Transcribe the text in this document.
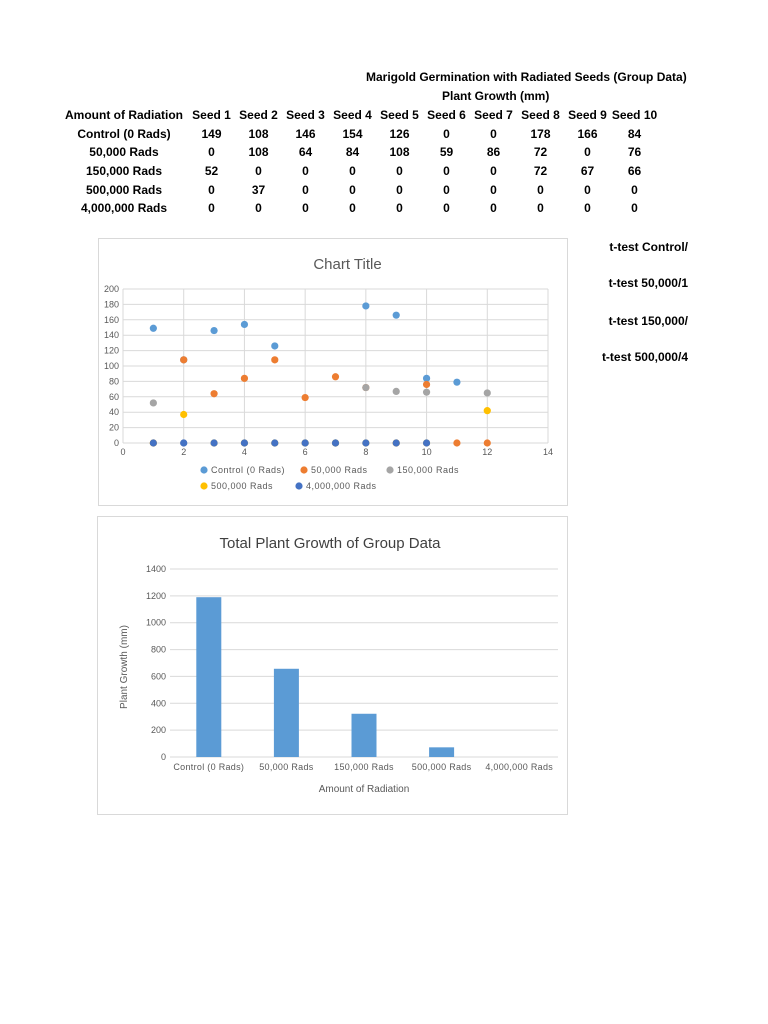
Marigold Germination with Radiated Seeds (Group Data)
Plant Growth (mm)
Amount of Radiation	Seed 1	Seed 2	Seed 3	Seed 4	Seed 5	Seed 6	Seed 7	Seed 8	Seed 9	Seed 10
Control (0 Rads)	149	108	146	154	126	0	0	178	166	84
50,000 Rads	0	108	64	84	108	59	86	72	0	76
150,000 Rads	52	0	0	0	0	0	0	72	67	66
500,000 Rads	0	37	0	0	0	0	0	0	0	0
4,000,000 Rads	0	0	0	0	0	0	0	0	0	0
t-test Control/
t-test 50,000/1
t-test 150,000/
t-test 500,000/4
Chart Title
0
20
40
60
80
100
120
140
160
180
200
0	2	4	6	8	10	12	14
Control (0 Rads)	50,000 Rads	150,000 Rads
500,000 Rads	4,000,000 Rads
Total Plant Growth of Group Data
0
200
400
600
800
1000
1200
1400
Control (0 Rads) 50,000 Rads 150,000 Rads 500,000 Rads 4,000,000 Rads
Amount of Radiation
Plant Growth (mm)
